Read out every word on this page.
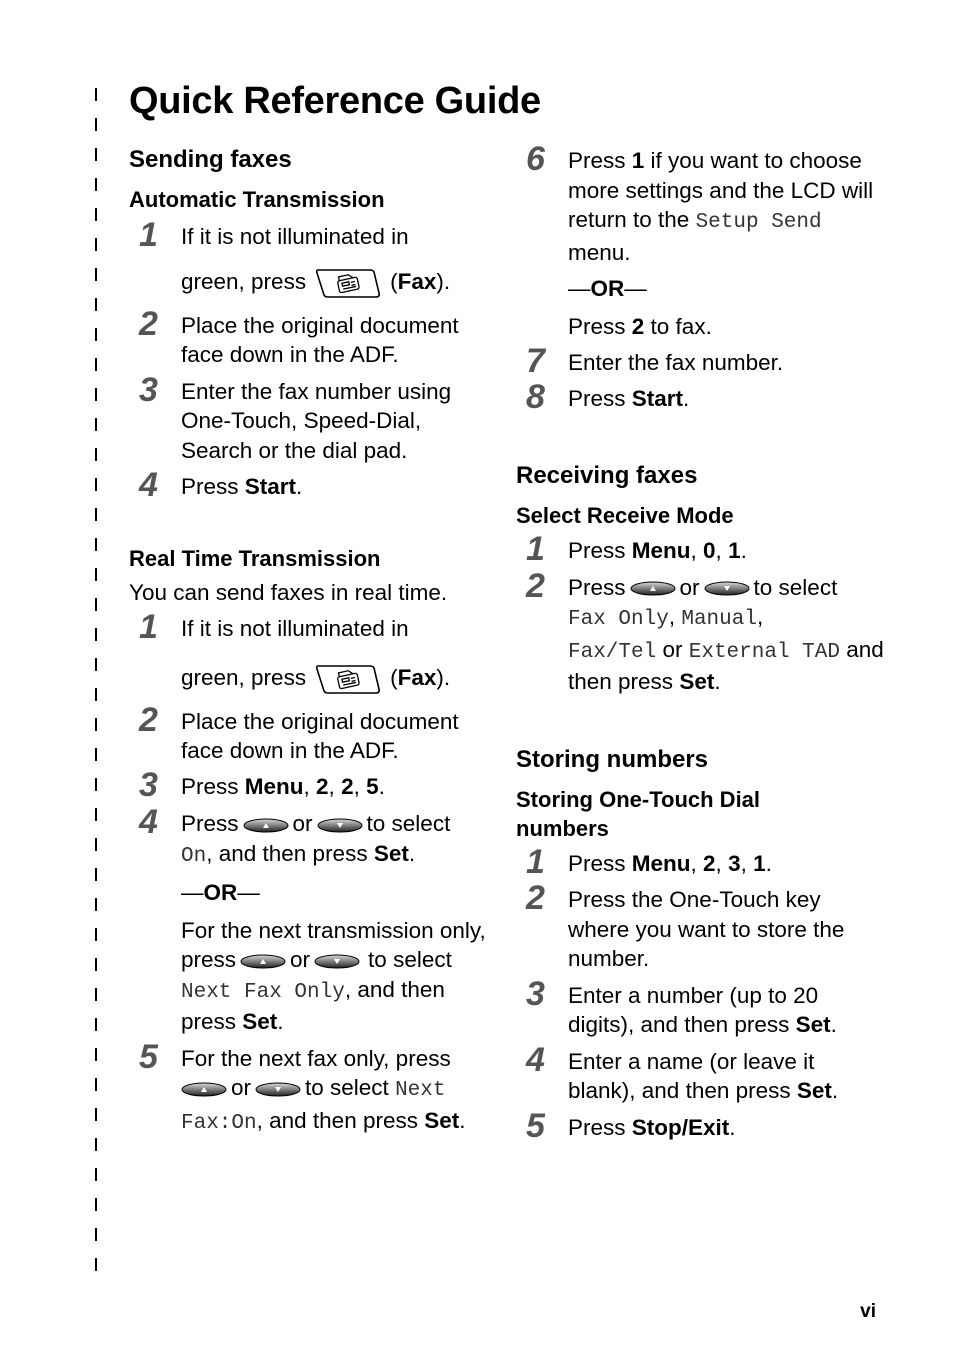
Quick Reference Guide
Sending faxes
Automatic Transmission
1 If it is not illuminated in
green, press	(Fax).
2 Place the original document face down in the ADF.
3 Enter the fax number using One-Touch, Speed-Dial, Search or the dial pad.
4 Press Start.
Real Time Transmission
You can send faxes in real time.
1 If it is not illuminated in
green, press	(Fax).
2 Place the original document face down in the ADF.
3 Press Menu, 2, 2, 5.
4 Press or to select
On, and then press Set.
—OR—
For the next transmission only, press or	to select Next Fax Only, and then press Set.
5 For the next fax only, press
or to select Next Fax:On, and then press Set.
6 Press 1 if you want to choose more settings and the LCD will return to the Setup Send menu.
—OR—
Press 2 to fax.
7 Enter the fax number.
8 Press Start.
Receiving faxes
Select Receive Mode
1 Press Menu, 0, 1.
2 Press or to select
Fax Only, Manual,
Fax/Tel or External TAD and then press Set.
Storing numbers
Storing One-Touch Dial numbers
1 Press Menu, 2, 3, 1.
2 Press the One-Touch key where you want to store the number.
3 Enter a number (up to 20 digits), and then press Set.
4 Enter a name (or leave it blank), and then press Set.
5 Press Stop/Exit.
vi
